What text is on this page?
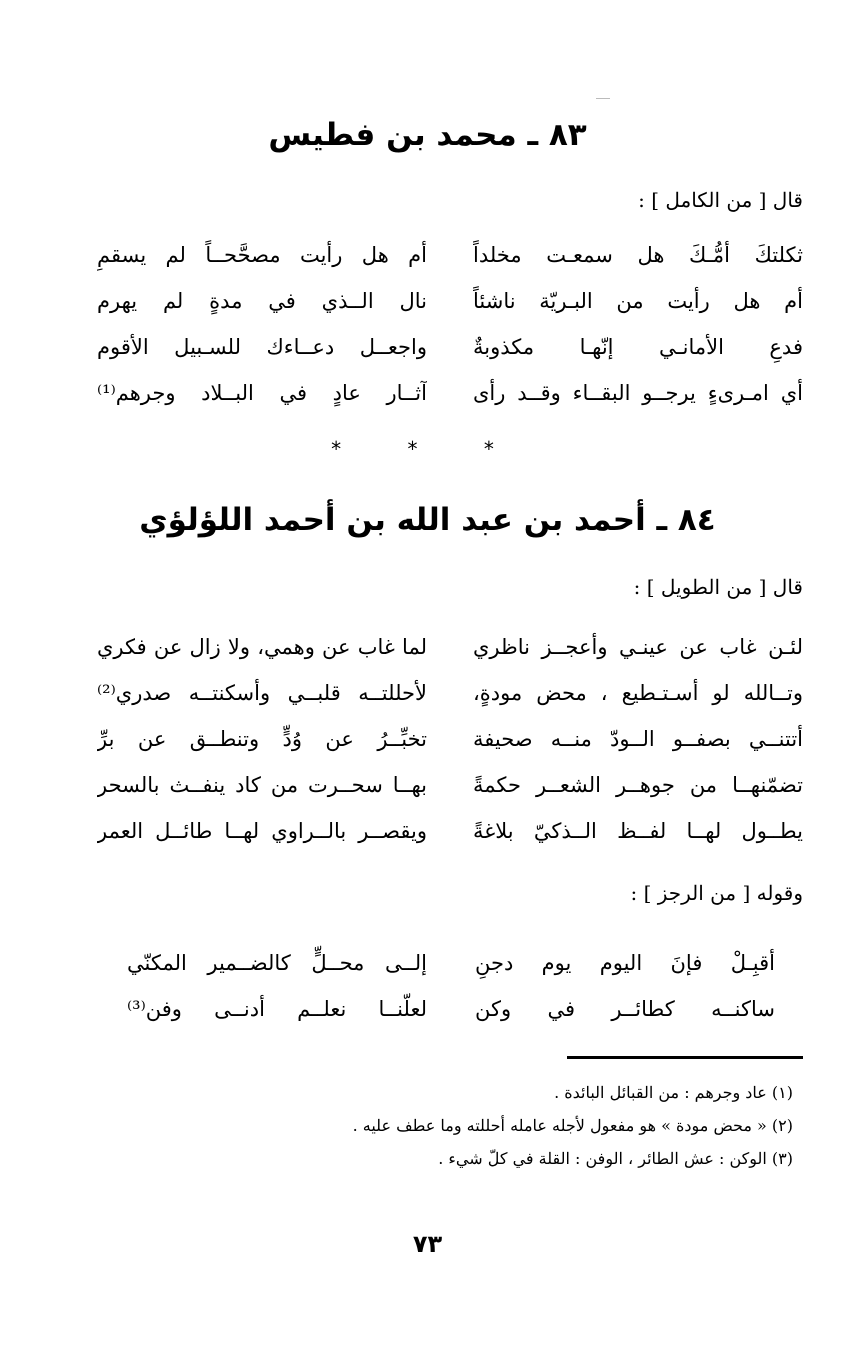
٨٣ ـ محمد بن فطيس
قال [ من الكامل ] :
ثكلتكَ أمُّـكَ هل سمعـت مخلداً
أم هل رأيت مصحَّحــاً لم يسقمِ
أم هل رأيت من البـريّة ناشئاً
نال الــذي في مدةٍ لم يهرم
فدعِ الأمانـي إنّهـا مكذوبةٌ
واجعــل دعــاءك للسـبيل الأقوم
أي امـرىءٍ يرجــو البقــاء وقــد رأى
آثــار عادٍ في البــلاد وجرهم⁽¹⁾
* * *
٨٤ ـ أحمد بن عبد الله بن أحمد اللؤلؤي
قال [ من الطويل ] :
لئـن غاب عن عينـي وأعجــز ناظري
لما غاب عن وهمي، ولا زال عن فكري
وتــالله لو أسـتـطيع ، محض مودةٍ،
لأحللتــه قلبــي وأسكنتــه صدري⁽²⁾
أتتنــي بصفــو الــودّ منــه صحيفة
تخبِّــرُ عن وُدٍّ وتنطــق عن برِّ
تضمّنهــا من جوهــر الشعــر حكمةً
بهــا سحــرت من كاد ينفــث بالسحر
يطــول لهــا لفــظ الــذكيّ بلاغةً
ويقصــر بالــراوي لهــا طائــل العمر
وقوله [ من الرجز ] :
أقبِـلْ فإنَ اليوم يوم دجنِ
إلــى محــلٍّ كالضــمير المكنّي
ساكنــه كطائــر في وكن
لعلّنــا نعلــم أدنــى وفن⁽³⁾
(١) عاد وجرهم : من القبائل البائدة .
(٢) « محض مودة » هو مفعول لأجله عامله أحللته وما عطف عليه .
(٣) الوكن : عش الطائر ، الوفن : القلة في كلّ شيء .
٧٣
